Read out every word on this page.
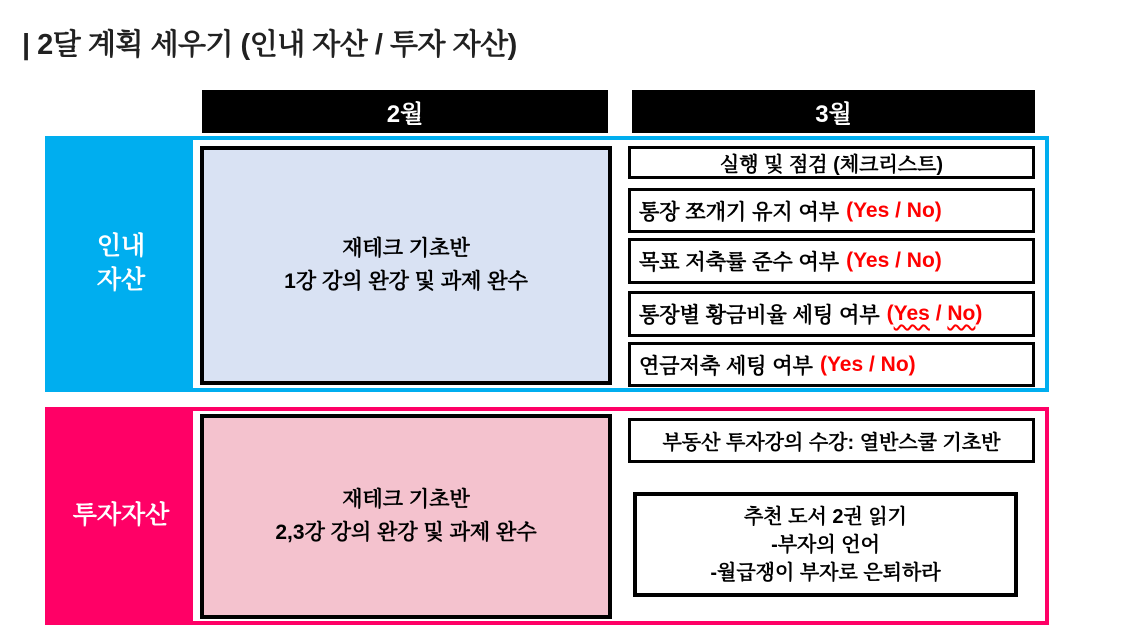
| 2달 계획 세우기 (인내 자산 / 투자 자산)
2월	3월
인내
자산
재테크 기초반
1강 강의 완강 및 과제 완수
실행 및 점검 (체크리스트)
통장 쪼개기 유지 여부 (Yes / No)
목표 저축률 준수 여부 (Yes / No)
통장별 황금비율 세팅 여부 (Yes / No)
연금저축 세팅 여부 (Yes / No)
투자자산
재테크 기초반
2,3강 강의 완강 및 과제 완수
부동산 투자강의 수강: 열반스쿨 기초반
추천 도서 2권 읽기
-부자의 언어
-월급쟁이 부자로 은퇴하라
